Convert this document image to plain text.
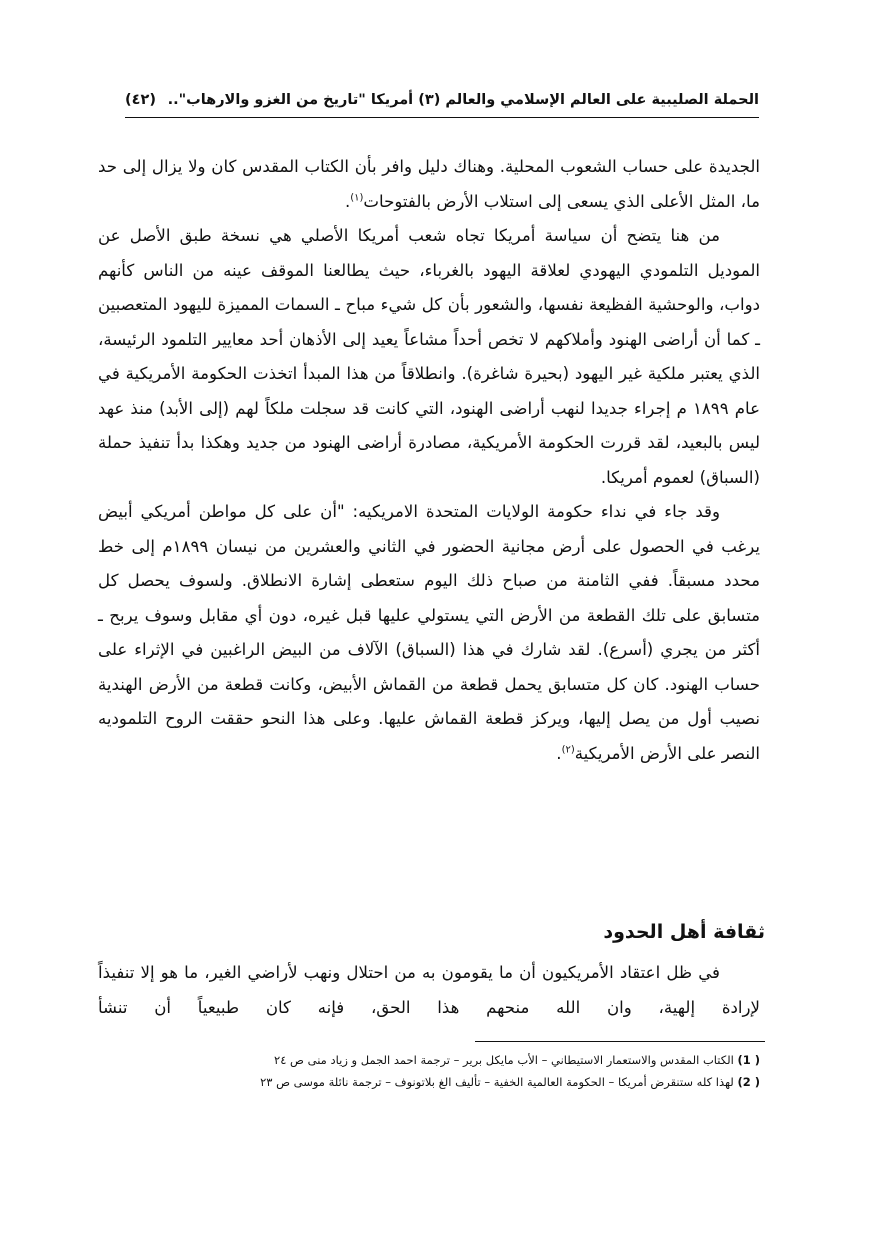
الحملة الصليبية على العالم الإسلامي والعالم (٣) أمريكا "تاريخ من الغزو والارهاب"..
(٤٢)

الجديدة على حساب الشعوب المحلية. وهناك دليل وافر بأن الكتاب المقدس كان ولا يزال إلى حد ما، المثل الأعلى الذي يسعى إلى استلاب الأرض بالفتوحات$^{(١)}$.

من هنا يتضح أن سياسة أمريكا تجاه شعب أمريكا الأصلي هي نسخة طبق الأصل عن الموديل التلمودي اليهودي لعلاقة اليهود بالغرباء، حيث يطالعنا الموقف عينه من الناس كأنهم دواب، والوحشية الفظيعة نفسها، والشعور بأن كل شيء مباح ـ السمات المميزة لليهود المتعصبين ـ كما أن أراضى الهنود وأملاكهم لا تخص أحداً مشاعاً يعيد إلى الأذهان أحد معايير التلمود الرئيسة، الذي يعتبر ملكية غير اليهود (بحيرة شاغرة). وانطلاقاً من هذا المبدأ اتخذت الحكومة الأمريكية في عام ١٨٩٩ م إجراء جديدا لنهب أراضى الهنود، التي كانت قد سجلت ملكاً لهم (إلى الأبد) منذ عهد ليس بالبعيد، لقد قررت الحكومة الأمريكية، مصادرة أراضى الهنود من جديد وهكذا بدأ تنفيذ حملة (السباق) لعموم أمريكا.

وقد جاء في نداء حكومة الولايات المتحدة الامريكيه: "أن على كل مواطن أمريكي أبيض يرغب في الحصول على أرض مجانية الحضور في الثاني والعشرين من نيسان ١٨٩٩م إلى خط محدد مسبقاً. ففي الثامنة من صباح ذلك اليوم ستعطى إشارة الانطلاق. ولسوف يحصل كل متسابق على تلك القطعة من الأرض التي يستولي عليها قبل غيره، دون أي مقابل وسوف يربح ـ أكثر من يجري (أسرع). لقد شارك في هذا (السباق) الآلاف من البيض الراغبين في الإثراء على حساب الهنود. كان كل متسابق يحمل قطعة من القماش الأبيض، وكانت قطعة من الأرض الهندية نصيب أول من يصل إليها، ويركز قطعة القماش عليها. وعلى هذا النحو حققت الروح التلموديه النصر على الأرض الأمريكية$^{(٢)}$.

ثقافة أهل الحدود

في ظل اعتقاد الأمريكيون أن ما يقومون به من احتلال ونهب لأراضي الغير، ما هو إلا تنفيذاً لإرادة إلهية، وان الله منحهم هذا الحق، فإنه كان طبيعياً أن تنشأ

( 1) الكتاب المقدس والاستعمار الاستيطاني – الأب مايكل برير – ترجمة احمد الجمل و زياد منى ص ٢٤

( 2) لهذا كله ستنقرض أمريكا – الحكومة العالمية الخفية – تأليف الغ بلاتونوف – ترجمة نائلة موسى ص ٢٣
